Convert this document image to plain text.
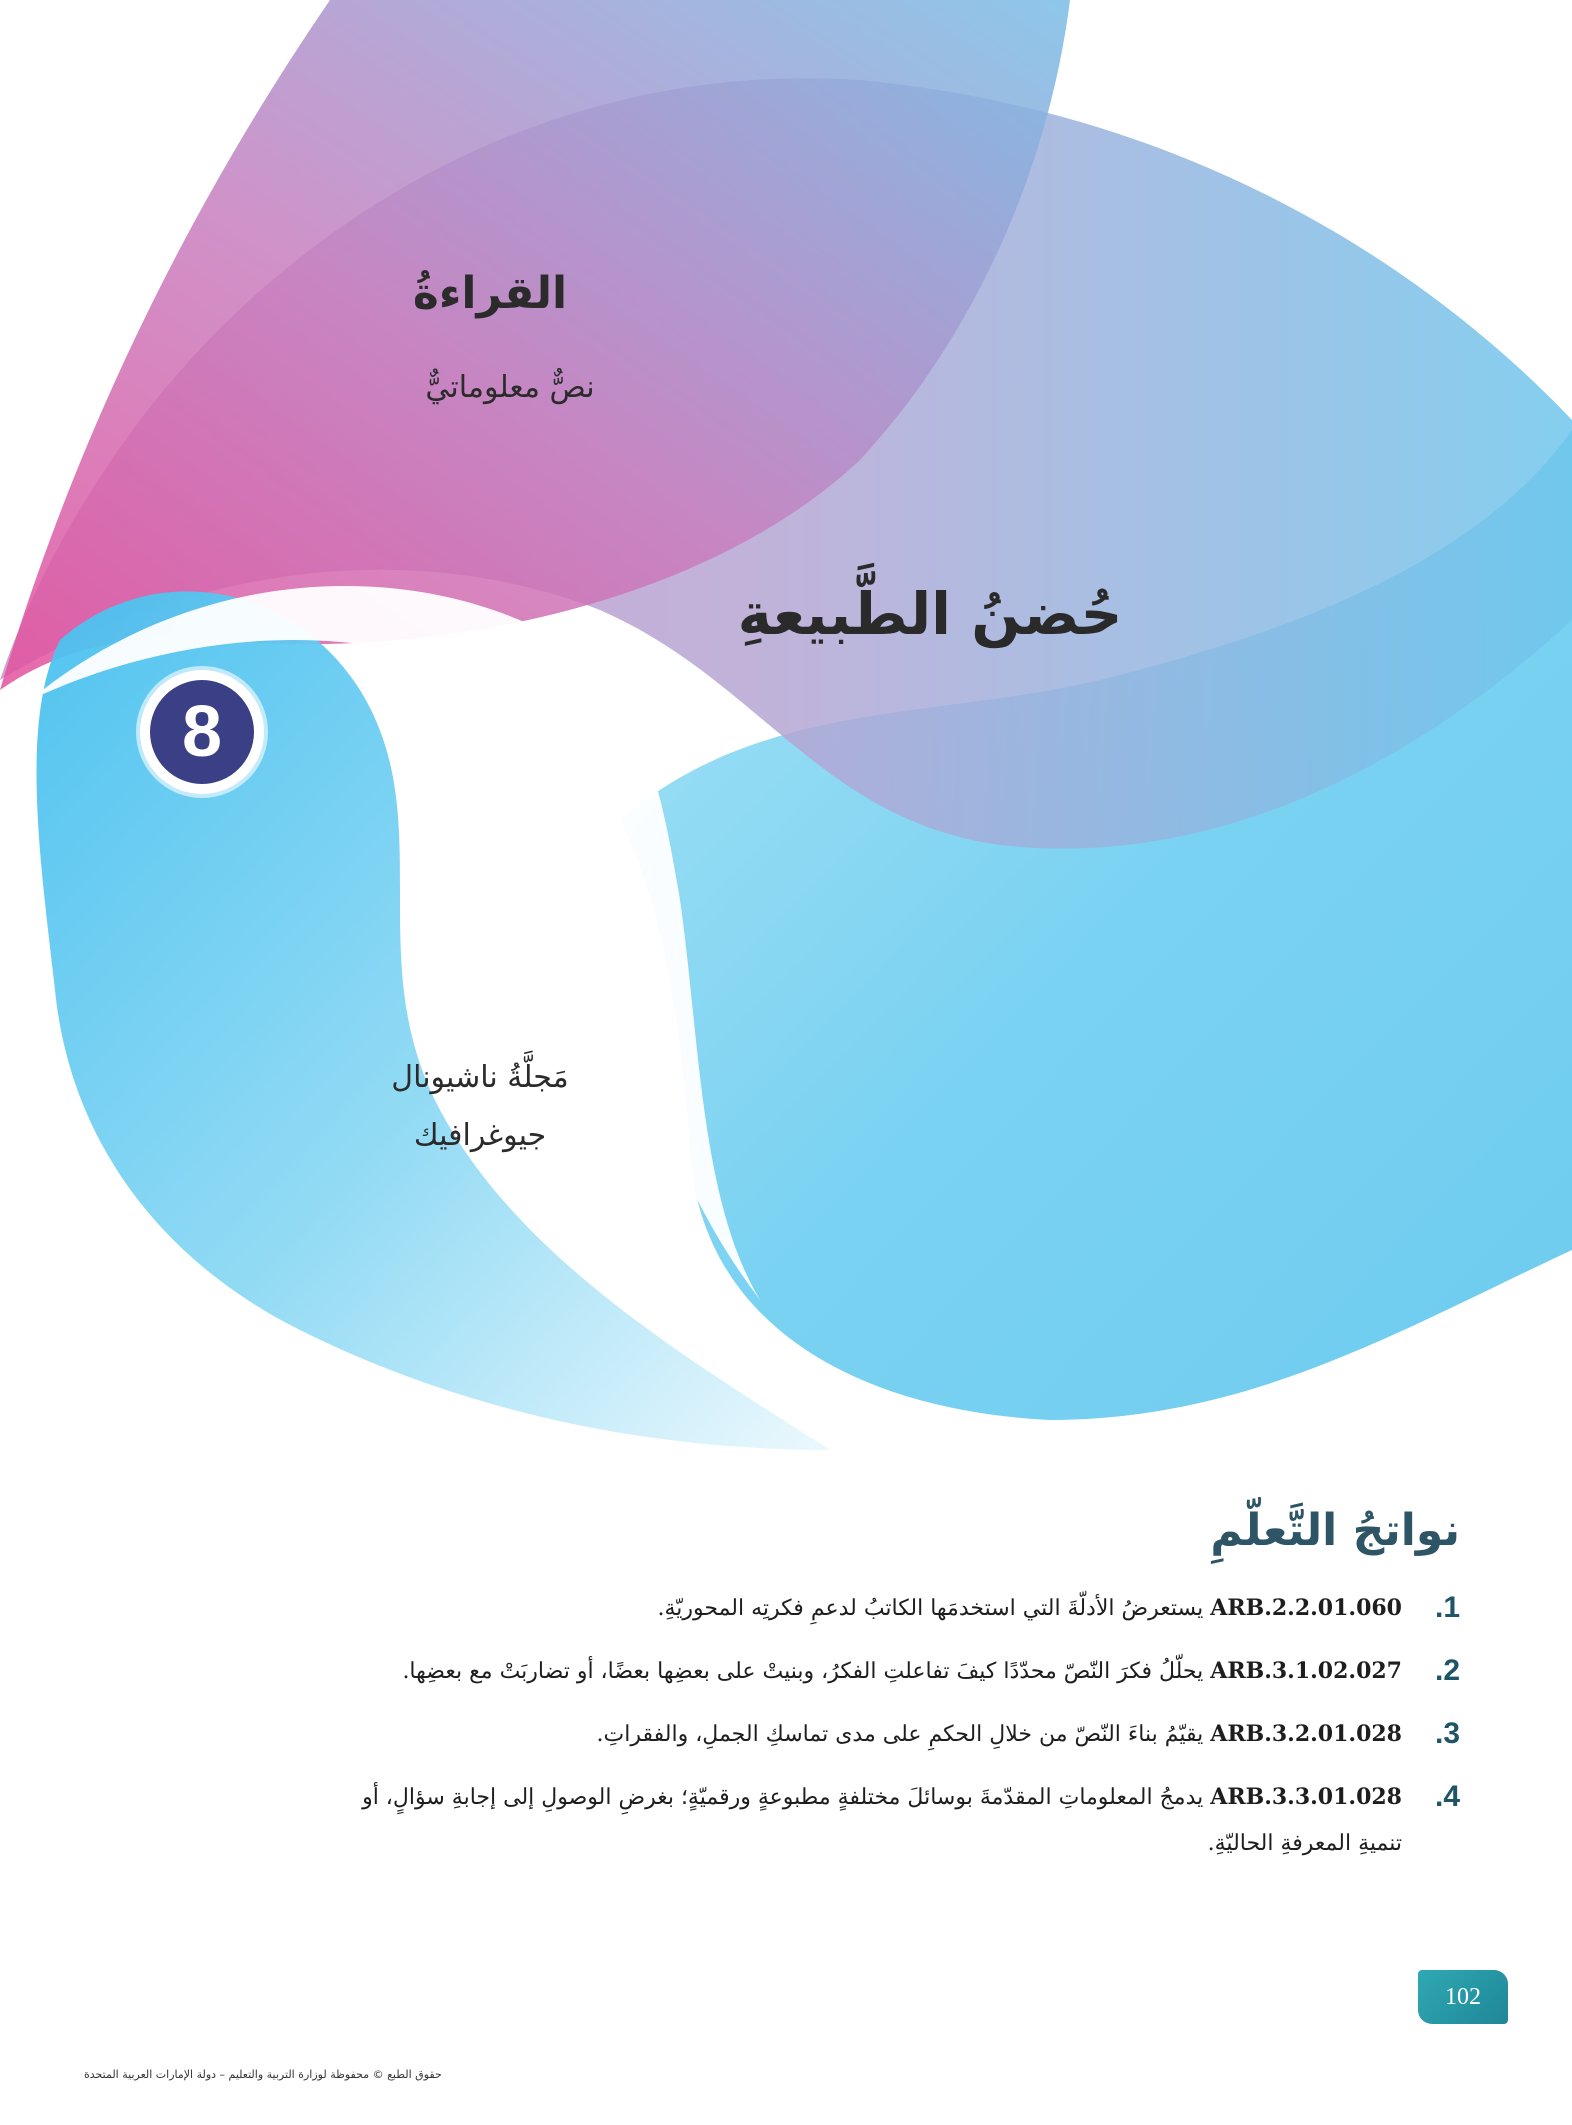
القراءةُ
نصٌّ معلوماتيٌّ
حُضنُ الطَّبيعةِ
8
مَجلَّةُ ناشيونال
جيوغرافيك
نواتجُ التَّعلّمِ
1.
ARB.2.2.01.060 يستعرضُ الأدلّةَ التي استخدمَها الكاتبُ لدعمِ فكرتِه المحوريّةِ.
2.
ARB.3.1.02.027 يحلّلُ فكرَ النّصّ محدّدًا كيفَ تفاعلتِ الفكرُ، وبنيتْ على بعضِها بعضًا، أو تضاربَتْ مع بعضِها.
3.
ARB.3.2.01.028 يقيّمُ بناءَ النّصّ من خلالِ الحكمِ على مدى تماسكِ الجملِ، والفقراتِ.
4.
ARB.3.3.01.028 يدمجُ المعلوماتِ المقدّمةَ بوسائلَ مختلفةٍ مطبوعةٍ ورقميّةٍ؛ بغرضِ الوصولِ إلى إجابةِ سؤالٍ، أو تنميةِ المعرفةِ الحاليّةِ.
102
حقوق الطبع © محفوظة لوزارة التربية والتعليم – دولة الإمارات العربية المتحدة
